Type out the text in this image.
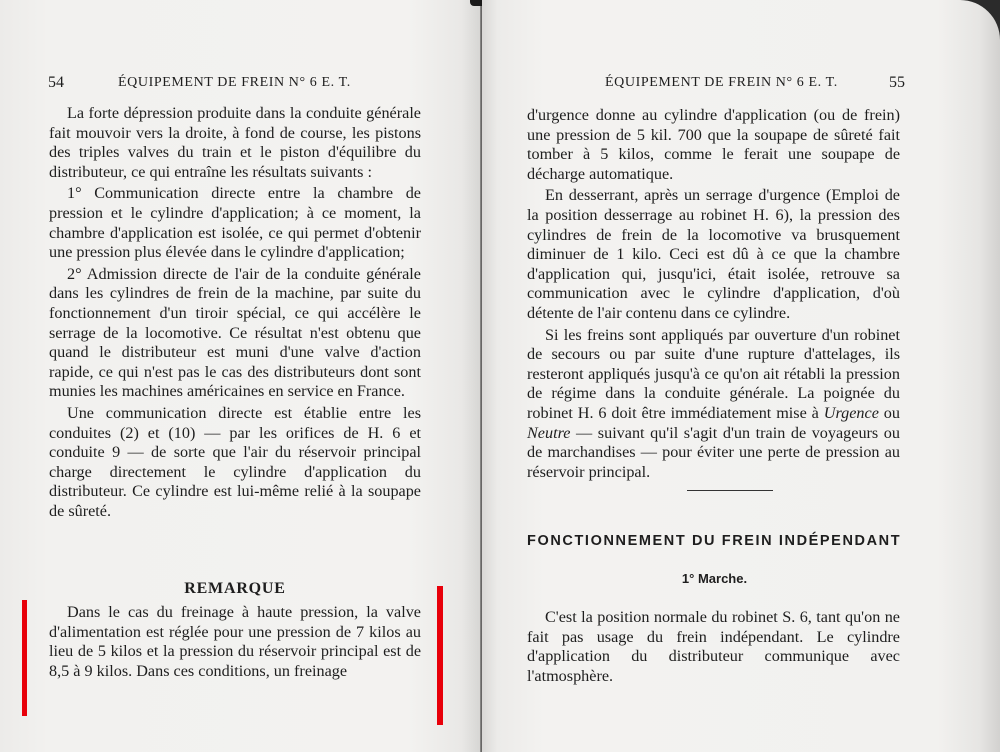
54	ÉQUIPEMENT DE FREIN N° 6 E. T.

La forte dépression produite dans la conduite générale fait mouvoir vers la droite, à fond de course, les pistons des triples valves du train et le piston d'équilibre du distributeur, ce qui entraîne les résultats suivants :

1° Communication directe entre la chambre de pression et le cylindre d'application; à ce moment, la chambre d'application est isolée, ce qui permet d'obtenir une pression plus élevée dans le cylindre d'application;

2° Admission directe de l'air de la conduite générale dans les cylindres de frein de la machine, par suite du fonctionnement d'un tiroir spécial, ce qui accélère le serrage de la locomotive. Ce résultat n'est obtenu que quand le distributeur est muni d'une valve d'action rapide, ce qui n'est pas le cas des distributeurs dont sont munies les machines américaines en service en France.

Une communication directe est établie entre les conduites (2) et (10) — par les orifices de H. 6 et conduite 9 — de sorte que l'air du réservoir principal charge directement le cylindre d'application du distributeur. Ce cylindre est lui-même relié à la soupape de sûreté.

REMARQUE

Dans le cas du freinage à haute pression, la valve d'alimentation est réglée pour une pression de 7 kilos au lieu de 5 kilos et la pression du réservoir principal est de 8,5 à 9 kilos. Dans ces conditions, un freinage

ÉQUIPEMENT DE FREIN N° 6 E. T.	55

d'urgence donne au cylindre d'application (ou de frein) une pression de 5 kil. 700 que la soupape de sûreté fait tomber à 5 kilos, comme le ferait une soupape de décharge automatique.

En desserrant, après un serrage d'urgence (Emploi de la position desserrage au robinet H. 6), la pression des cylindres de frein de la locomotive va brusquement diminuer de 1 kilo. Ceci est dû à ce que la chambre d'application qui, jusqu'ici, était isolée, retrouve sa communication avec le cylindre d'application, d'où détente de l'air contenu dans ce cylindre.

Si les freins sont appliqués par ouverture d'un robinet de secours ou par suite d'une rupture d'attelages, ils resteront appliqués jusqu'à ce qu'on ait rétabli la pression de régime dans la conduite générale. La poignée du robinet H. 6 doit être immédiatement mise à Urgence ou Neutre — suivant qu'il s'agit d'un train de voyageurs ou de marchandises — pour éviter une perte de pression au réservoir principal.

FONCTIONNEMENT DU FREIN INDÉPENDANT
1° Marche.

C'est la position normale du robinet S. 6, tant qu'on ne fait pas usage du frein indépendant. Le cylindre d'application du distributeur communique avec l'atmosphère.
